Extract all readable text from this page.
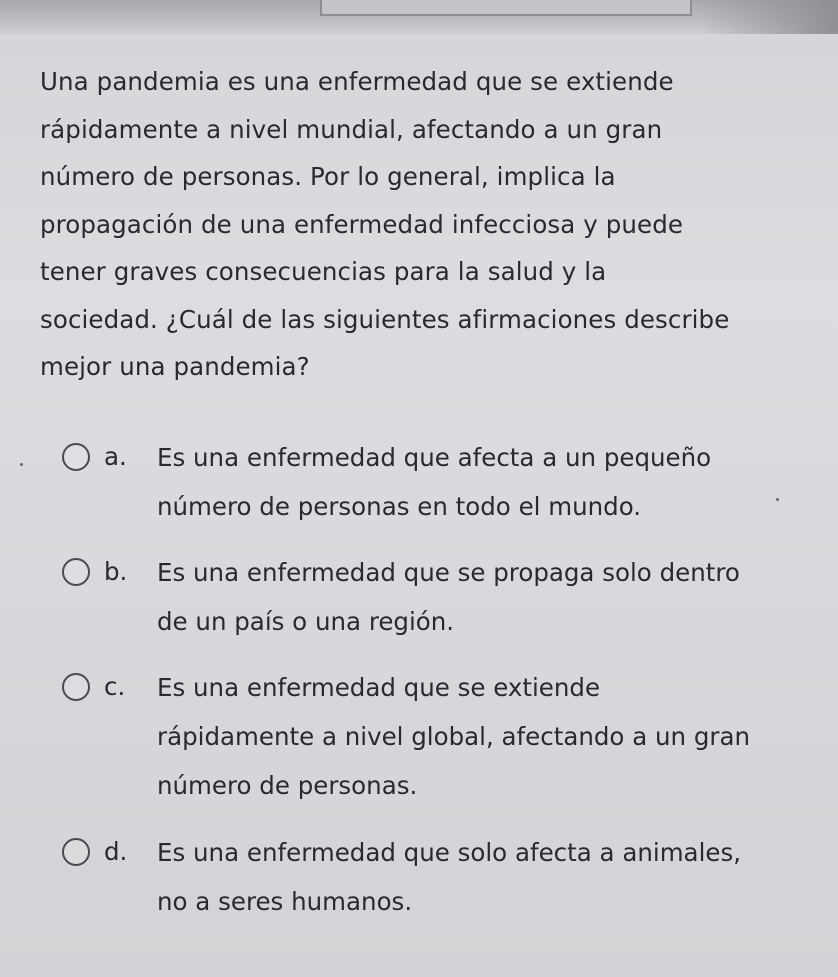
Una pandemia es una enfermedad que se extiende
rápidamente a nivel mundial, afectando a un gran
número de personas. Por lo general, implica la
propagación de una enfermedad infecciosa y puede
tener graves consecuencias para la salud y la
sociedad. ¿Cuál de las siguientes afirmaciones describe
mejor una pandemia?

a. Es una enfermedad que afecta a un pequeño
número de personas en todo el mundo.
b. Es una enfermedad que se propaga solo dentro
de un país o una región.
c. Es una enfermedad que se extiende
rápidamente a nivel global, afectando a un gran
número de personas.
d. Es una enfermedad que solo afecta a animales,
no a seres humanos.
